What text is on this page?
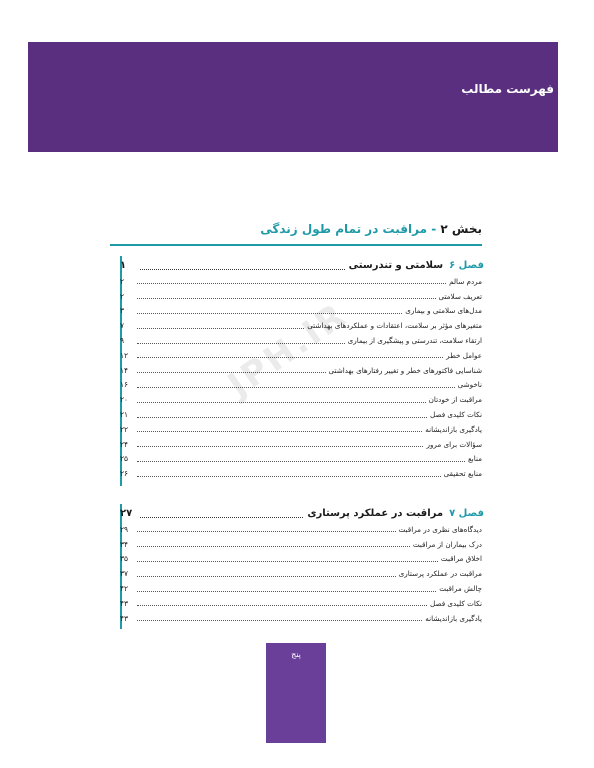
فهرست مطالب
بخش ۲ - مراقبت در تمام طول زندگی
فصل ۶
سلامتی و تندرستی
۱
مردم سالم
۲
تعریف سلامتی
۲
مدل‌های سلامتی و بیماری
۳
متغیرهای مؤثر بر سلامت، اعتقادات و عملکردهای بهداشتی
۷
ارتقاء سلامت، تندرستی و پیشگیری از بیماری
۹
عوامل خطر
۱۲
شناسایی فاکتورهای خطر و تغییر رفتارهای بهداشتی
۱۴
ناخوشی
۱۶
مراقبت از خودتان
۲۰
نکات کلیدی فصل
۲۱
یادگیری بازاندیشانه
۲۲
سؤالات برای مرور
۲۴
منابع
۲۵
منابع تحقیقی
۲۶
فصل ۷
مراقبت در عملکرد پرستاری
۲۷
دیدگاه‌های نظری در مراقبت
۲۹
درک بیماران از مراقبت
۳۴
اخلاق مراقبت
۳۵
مراقبت در عملکرد پرستاری
۳۷
چالش مراقبت
۴۲
نکات کلیدی فصل
۴۳
یادگیری بازاندیشانه
۴۳
JPH.IR
پنج
